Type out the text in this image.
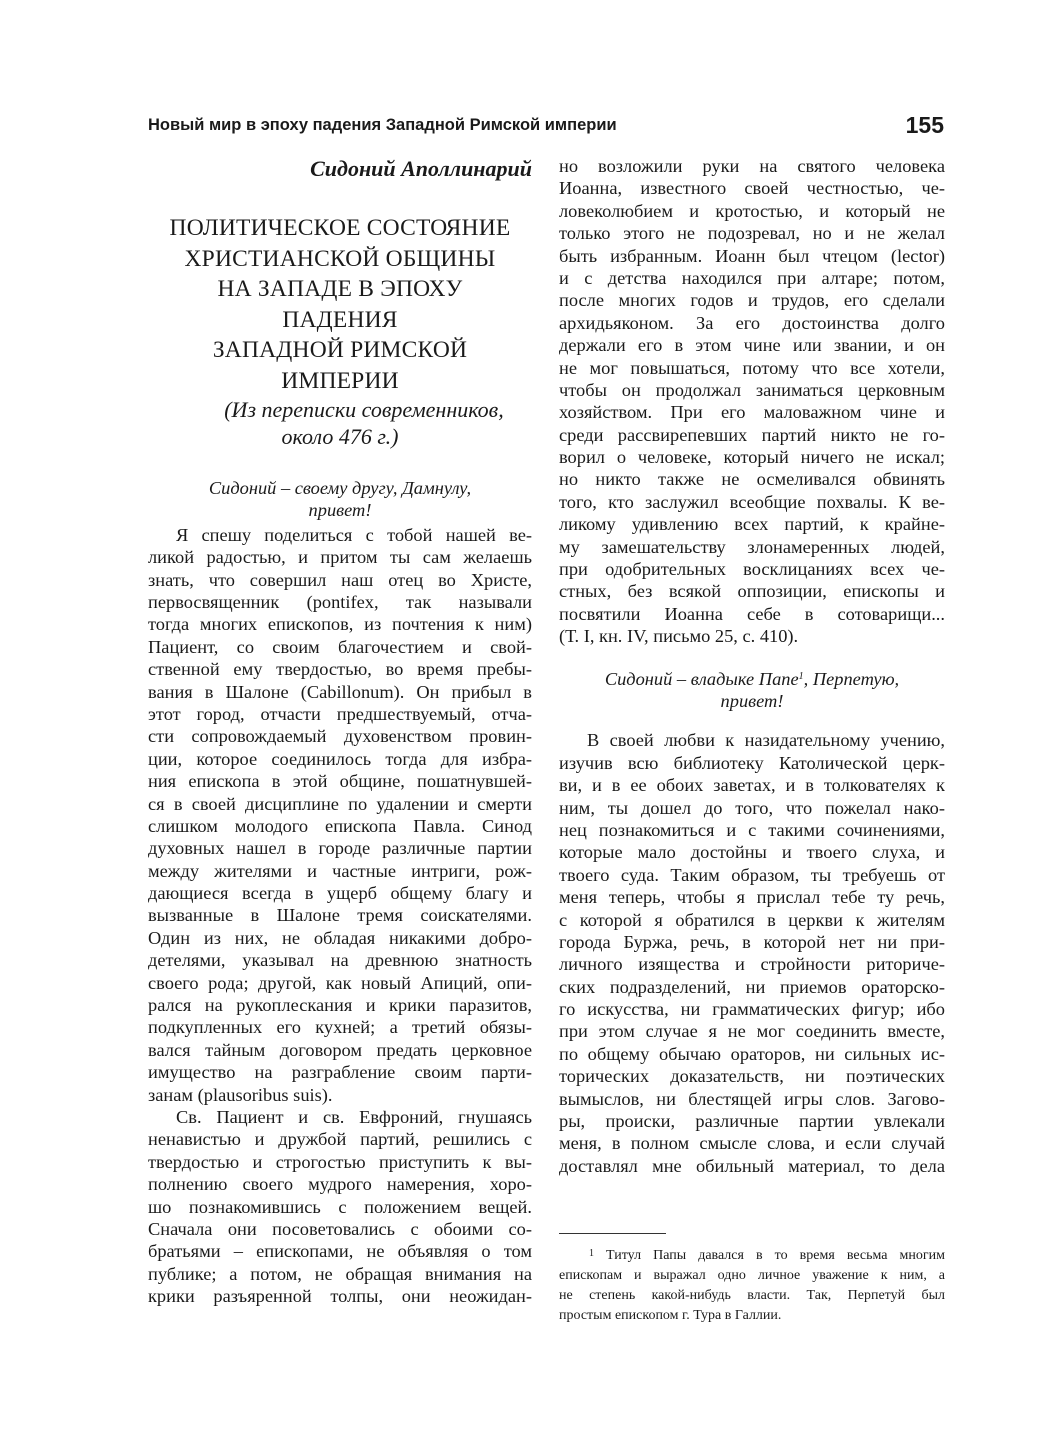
Новый мир в эпоху падения Западной Римской империи	155
Сидоний Аполлинарий
ПОЛИТИЧЕСКОЕ СОСТОЯНИЕ
ХРИСТИАНСКОЙ ОБЩИНЫ
НА ЗАПАДЕ В ЭПОХУ
ПАДЕНИЯ
ЗАПАДНОЙ РИМСКОЙ
ИМПЕРИИ
(Из переписки современников,
около 476 г.)
Сидоний – своему другу, Дамнулу,
привет!
Я спешу поделиться с тобой нашей ве-
ликой радостью, и притом ты сам желаешь
знать, что совершил наш отец во Христе,
первосвященник (pontifex, так называли
тогда многих епископов, из почтения к ним)
Пациент, со своим благочестием и свой-
ственной ему твердостью, во время пребы-
вания в Шалоне (Cabillonum). Он прибыл в
этот город, отчасти предшествуемый, отча-
сти сопровождаемый духовенством провин-
ции, которое соединилось тогда для избра-
ния епископа в этой общине, пошатнувшей-
ся в своей дисциплине по удалении и смерти
слишком молодого епископа Павла. Синод
духовных нашел в городе различные партии
между жителями и частные интриги, рож-
дающиеся всегда в ущерб общему благу и
вызванные в Шалоне тремя соискателями.
Один из них, не обладая никакими добро-
детелями, указывал на древнюю знатность
своего рода; другой, как новый Апиций, опи-
рался на рукоплескания и крики паразитов,
подкупленных его кухней; а третий обязы-
вался тайным договором предать церковное
имущество на разграбление своим парти-
занам (plausoribus suis).
Св. Пациент и св. Евфроний, гнушаясь
ненавистью и дружбой партий, решились с
твердостью и строгостью приступить к вы-
полнению своего мудрого намерения, хоро-
шо познакомившись с положением вещей.
Сначала они посоветовались с обоими со-
братьями – епископами, не объявляя о том
публике; а потом, не обращая внимания на
крики разъяренной толпы, они неожидан-
но возложили руки на святого человека
Иоанна, известного своей честностью, че-
ловеколюбием и кротостью, и который не
только этого не подозревал, но и не желал
быть избранным. Иоанн был чтецом (lector)
и с детства находился при алтаре; потом,
после многих годов и трудов, его сделали
архидьяконом. За его достоинства долго
держали его в этом чине или звании, и он
не мог повышаться, потому что все хотели,
чтобы он продолжал заниматься церковным
хозяйством. При его маловажном чине и
среди рассвирепевших партий никто не го-
ворил о человеке, который ничего не искал;
но никто также не осмеливался обвинять
того, кто заслужил всеобщие похвалы. К ве-
ликому удивлению всех партий, к крайне-
му замешательству злонамеренных людей,
при одобрительных восклицаниях всех че-
стных, без всякой оппозиции, епископы и
посвятили Иоанна себе в сотоварищи...
(Т. I, кн. IV, письмо 25, с. 410).
Сидоний – владыке Папе$^1$, Перпетую,
привет!
В своей любви к назидательному учению,
изучив всю библиотеку Католической церк-
ви, и в ее обоих заветах, и в толкователях к
ним, ты дошел до того, что пожелал нако-
нец познакомиться и с такими сочинениями,
которые мало достойны и твоего слуха, и
твоего суда. Таким образом, ты требуешь от
меня теперь, чтобы я прислал тебе ту речь,
с которой я обратился в церкви к жителям
города Буржа, речь, в которой нет ни при-
личного изящества и стройности риториче-
ских подразделений, ни приемов ораторско-
го искусства, ни грамматических фигур; ибо
при этом случае я не мог соединить вместе,
по общему обычаю ораторов, ни сильных ис-
торических доказательств, ни поэтических
вымыслов, ни блестящей игры слов. Загово-
ры, происки, различные партии увлекали
меня, в полном смысле слова, и если случай
доставлял мне обильный материал, то дела
$^1$ Титул Папы давался в то время весьма многим
епископам и выражал одно личное уважение к ним, а
не степень какой-нибудь власти. Так, Перпетуй был
простым епископом г. Тура в Галлии.
